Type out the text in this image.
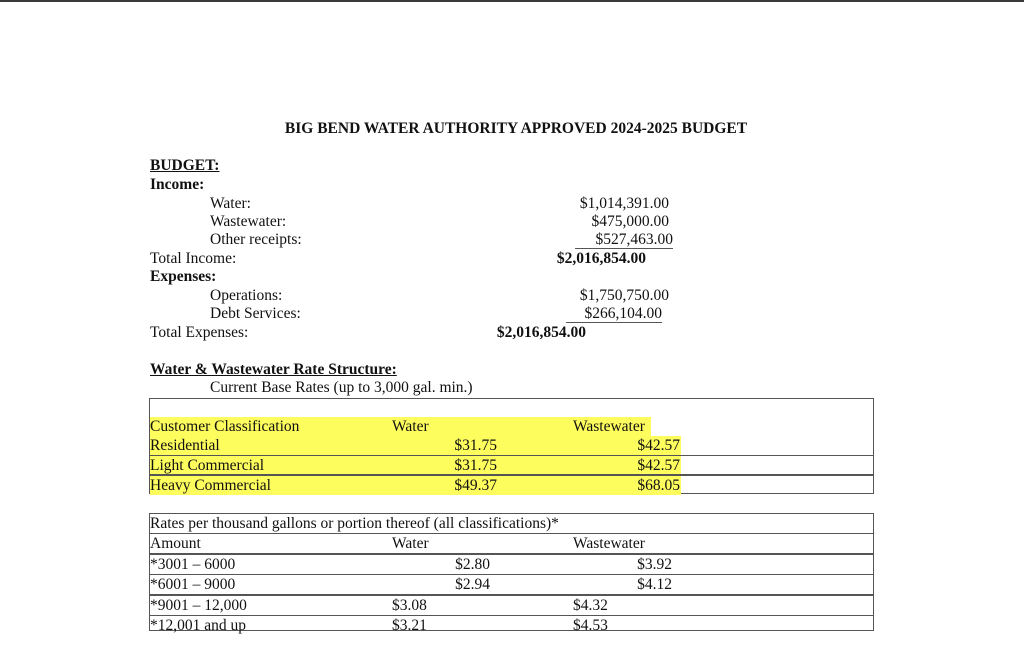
BIG BEND WATER AUTHORITY APPROVED 2024-2025 BUDGET
BUDGET:
Income:
Water:	$1,014,391.00
Wastewater:	$475,000.00
Other receipts:	$527,463.00
Total Income:	$2,016,854.00
Expenses:
Operations:	$1,750,750.00
Debt Services:	$266,104.00
Total Expenses:	$2,016,854.00
Water & Wastewater Rate Structure:
Current Base Rates (up to 3,000 gal. min.)
Customer Classification	Water	Wastewater
Residential	$31.75	$42.57
Light Commercial	$31.75	$42.57
Heavy Commercial	$49.37	$68.05
Rates per thousand gallons or portion thereof (all classifications)*
Amount	Water	Wastewater
*3001 – 6000	$2.80	$3.92
*6001 – 9000	$2.94	$4.12
*9001 – 12,000	$3.08	$4.32
*12,001 and up	$3.21	$4.53
